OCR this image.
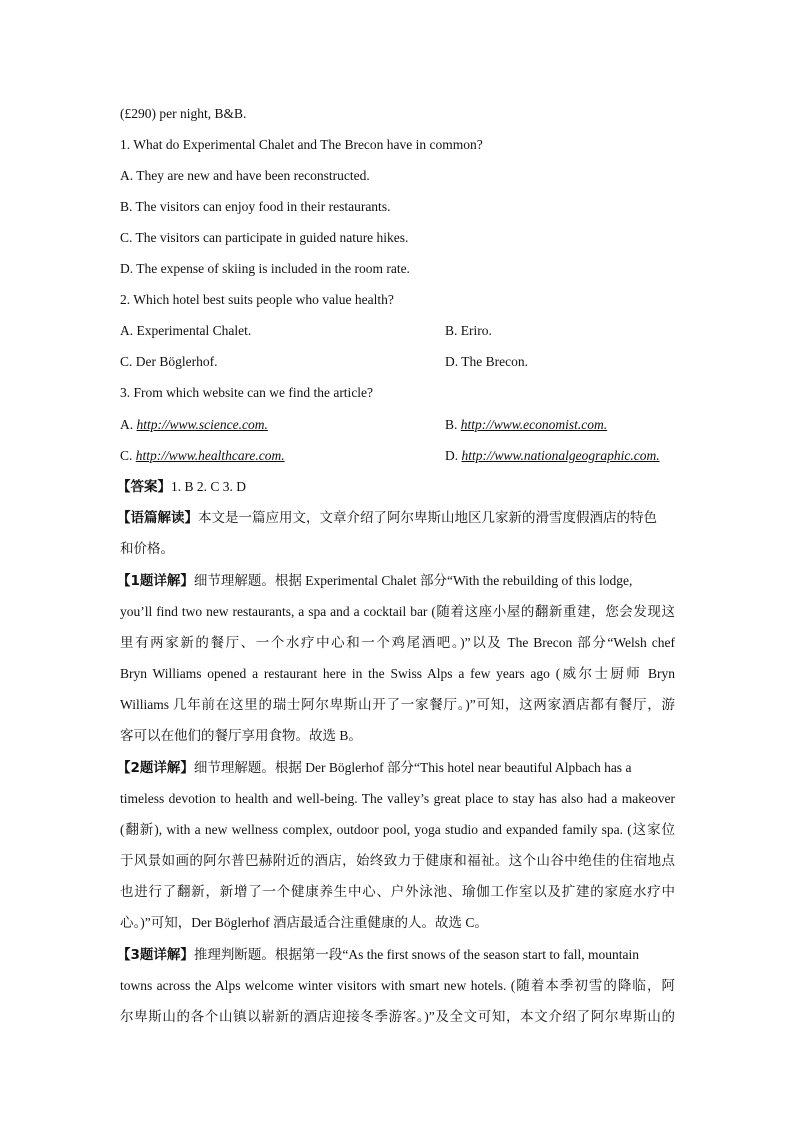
(£290) per night, B&B.
1. What do Experimental Chalet and The Brecon have in common?
A. They are new and have been reconstructed.
B. The visitors can enjoy food in their restaurants.
C. The visitors can participate in guided nature hikes.
D. The expense of skiing is included in the room rate.
2. Which hotel best suits people who value health?
A. Experimental Chalet.	B. Eriro.
C. Der Böglerhof.	D. The Brecon.
3. From which website can we find the article?
A. http://www.science.com.	B. http://www.economist.com.
C. http://www.healthcare.com.	D. http://www.nationalgeographic.com.
【答案】1. B 2. C 3. D
【语篇解读】本文是一篇应用文，文章介绍了阿尔卑斯山地区几家新的滑雪度假酒店的特色
和价格。
【1题详解】细节理解题。根据 Experimental Chalet 部分“With the rebuilding of this lodge,
you’ll find two new restaurants, a spa and a cocktail bar (随着这座小屋的翻新重建，您会发现这
里有两家新的餐厅、一个水疗中心和一个鸡尾酒吧。)”以及 The Brecon 部分“Welsh chef
Bryn Williams opened a restaurant here in the Swiss Alps a few years ago (威尔士厨师 Bryn
Williams 几年前在这里的瑞士阿尔卑斯山开了一家餐厅。)”可知，这两家酒店都有餐厅，游
客可以在他们的餐厅享用食物。故选 B。
【2题详解】细节理解题。根据 Der Böglerhof 部分“This hotel near beautiful Alpbach has a
timeless devotion to health and well-being. The valley’s great place to stay has also had a makeover
(翻新), with a new wellness complex, outdoor pool, yoga studio and expanded family spa. (这家位
于风景如画的阿尔普巴赫附近的酒店，始终致力于健康和福祉。这个山谷中绝佳的住宿地点
也进行了翻新，新增了一个健康养生中心、户外泳池、瑜伽工作室以及扩建的家庭水疗中
心。)”可知，Der Böglerhof 酒店最适合注重健康的人。故选 C。
【3题详解】推理判断题。根据第一段“As the first snows of the season start to fall, mountain
towns across the Alps welcome winter visitors with smart new hotels. (随着本季初雪的降临，阿
尔卑斯山的各个山镇以崭新的酒店迎接冬季游客。)”及全文可知，本文介绍了阿尔卑斯山的
